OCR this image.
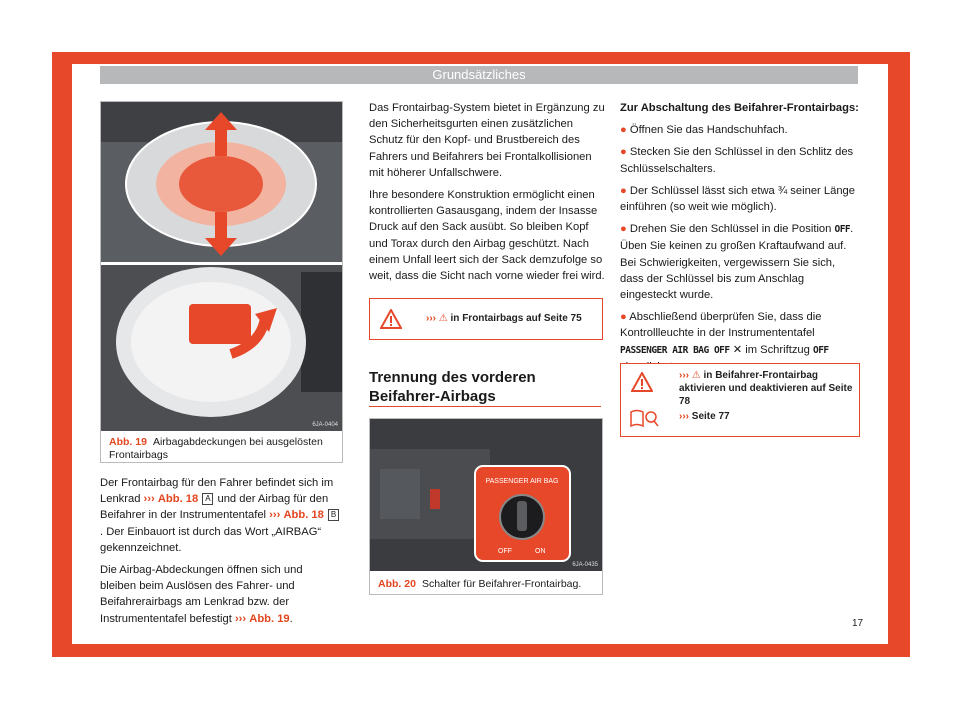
Grundsätzliches
6JA-0404
Abb. 19 Airbagabdeckungen bei ausgelösten Frontairbags

Der Frontairbag für den Fahrer befindet sich im Lenkrad ››› Abb. 18 A und der Airbag für den Beifahrer in der Instrumententafel ››› Abb. 18 B. Der Einbauort ist durch das Wort „AIRBAG“ gekennzeichnet.

Die Airbag-Abdeckungen öffnen sich und bleiben beim Auslösen des Fahrer- und Beifahrerairbags am Lenkrad bzw. der Instrumententafel befestigt ››› Abb. 19.

Das Frontairbag-System bietet in Ergänzung zu den Sicherheitsgurten einen zusätzlichen Schutz für den Kopf- und Brustbereich des Fahrers und Beifahrers bei Frontalkollisionen mit höherer Unfallschwere.

Ihre besondere Konstruktion ermöglicht einen kontrollierten Gasausgang, indem der Insasse Druck auf den Sack ausübt. So bleiben Kopf und Torax durch den Airbag geschützt. Nach einem Unfall leert sich der Sack demzufolge so weit, dass die Sicht nach vorne wieder frei wird.

››› ⚠ in Frontairbags auf Seite 75
Trennung des vorderen Beifahrer-Airbags
PASSENGER AIR BAG
OFF	ON
6JA-0435
Abb. 20 Schalter für Beifahrer-Frontairbag.

Zur Abschaltung des Beifahrer-Frontairbags:

● Öffnen Sie das Handschuhfach.

● Stecken Sie den Schlüssel in den Schlitz des Schlüsselschalters.

● Der Schlüssel lässt sich etwa ¾ seiner Länge einführen (so weit wie möglich).

● Drehen Sie den Schlüssel in die Position OFF. Üben Sie keinen zu großen Kraftaufwand auf. Bei Schwierigkeiten, vergewissern Sie sich, dass der Schlüssel bis zum Anschlag eingesteckt wurde.

● Abschließend überprüfen Sie, dass die Kontrollleuchte in der Instrumententafel PASSENGER AIR BAG OFF ✕ im Schriftzug OFF

››› ⚠ in Beifahrer-Frontairbag aktivieren und deaktivieren auf Seite 78
››› Seite 77
17
